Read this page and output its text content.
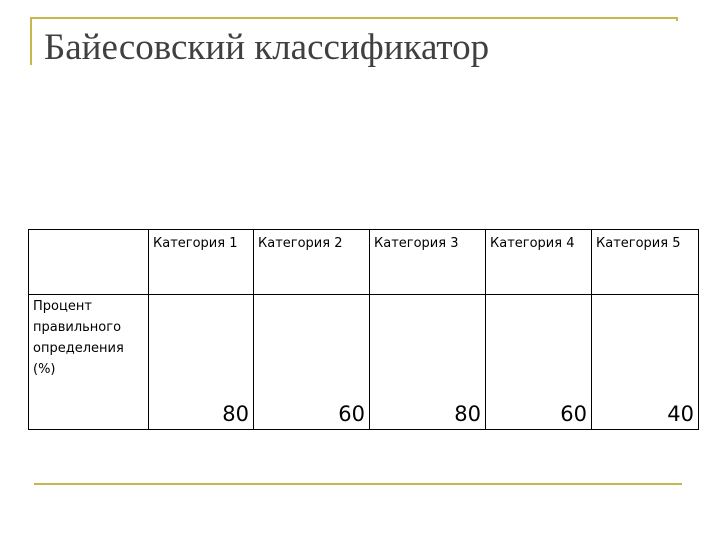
Байесовский классификатор
	Категория 1	Категория 2	Категория 3	Категория 4	Категория 5
Процент правильного определения (%)	80	60	80	60	40
